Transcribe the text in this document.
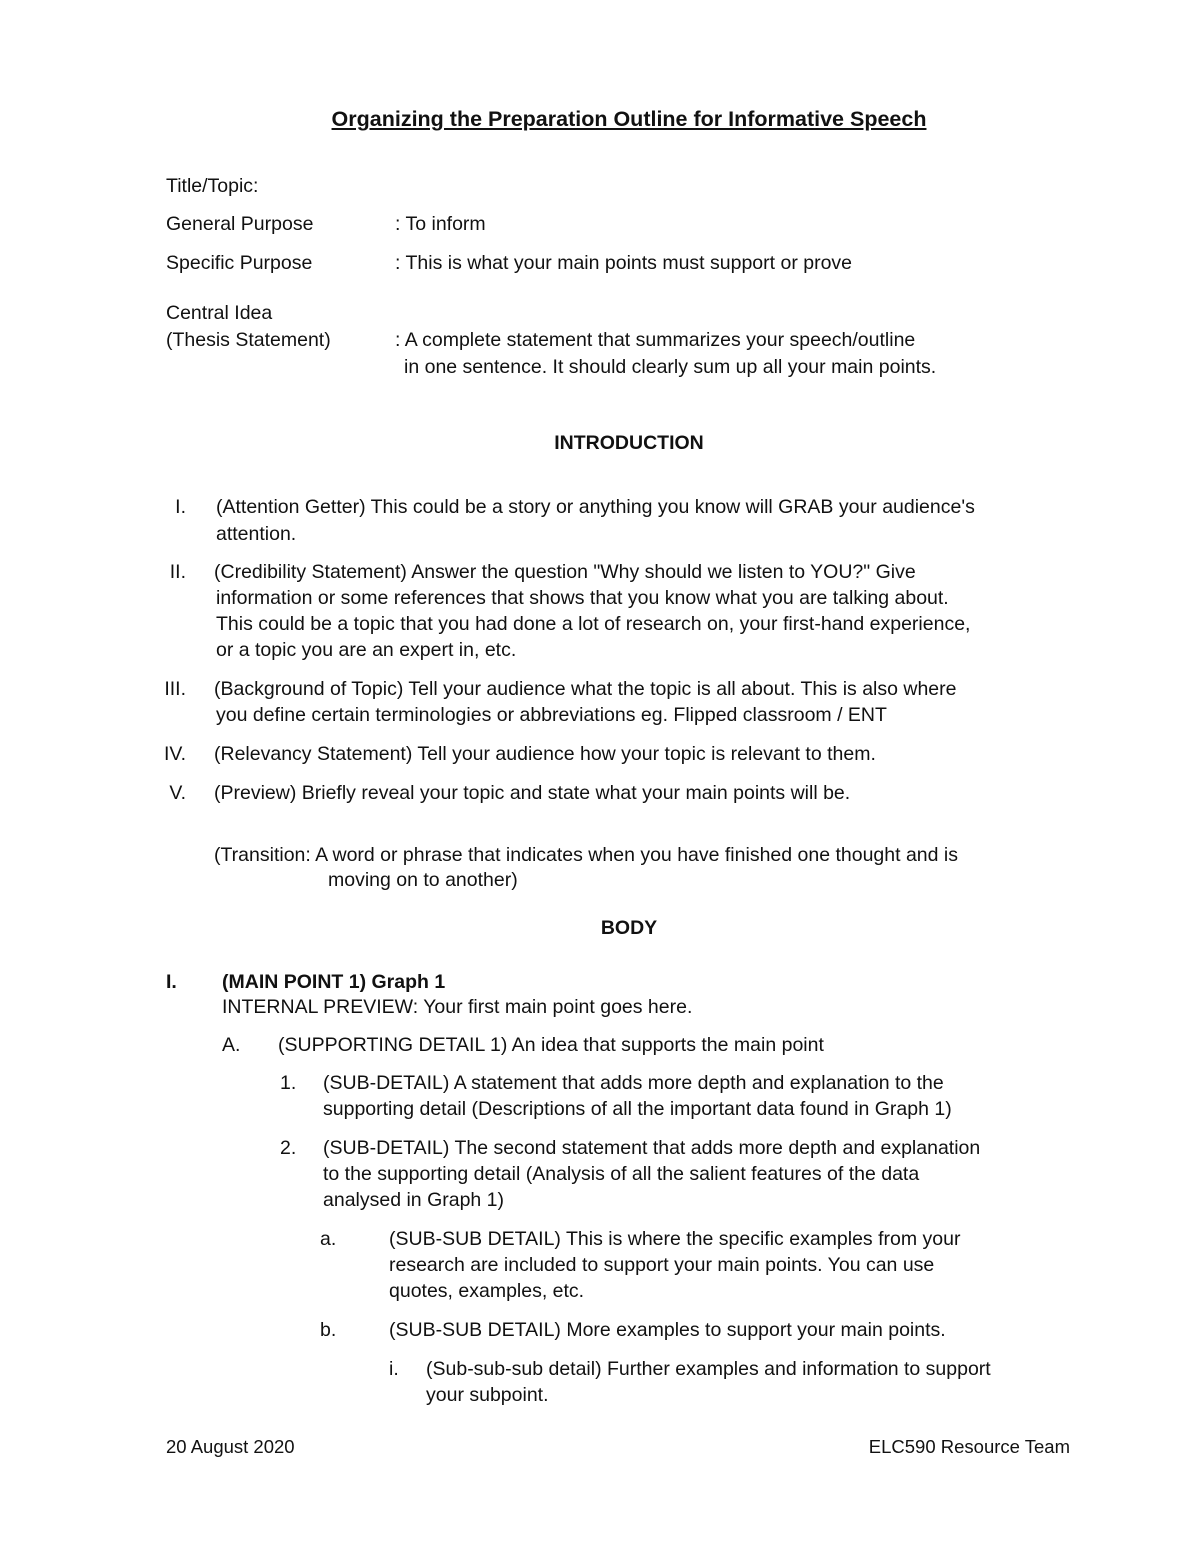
Organizing the Preparation Outline for Informative Speech
Title/Topic:
General Purpose	: To inform
Specific Purpose	: This is what your main points must support or prove
Central Idea
(Thesis Statement)	: A complete statement that summarizes your speech/outline
in one sentence. It should clearly sum up all your main points.
INTRODUCTION
I. (Attention Getter) This could be a story or anything you know will GRAB your audience's
attention.
II. (Credibility Statement) Answer the question "Why should we listen to YOU?" Give
information or some references that shows that you know what you are talking about.
This could be a topic that you had done a lot of research on, your first-hand experience,
or a topic you are an expert in, etc.
III. (Background of Topic) Tell your audience what the topic is all about. This is also where
you define certain terminologies or abbreviations eg. Flipped classroom / ENT
IV. (Relevancy Statement) Tell your audience how your topic is relevant to them.
V. (Preview) Briefly reveal your topic and state what your main points will be.
(Transition: A word or phrase that indicates when you have finished one thought and is
moving on to another)
BODY
I. (MAIN POINT 1) Graph 1
INTERNAL PREVIEW: Your first main point goes here.
A. (SUPPORTING DETAIL 1) An idea that supports the main point
1. (SUB-DETAIL) A statement that adds more depth and explanation to the
supporting detail (Descriptions of all the important data found in Graph 1)
2. (SUB-DETAIL) The second statement that adds more depth and explanation
to the supporting detail (Analysis of all the salient features of the data
analysed in Graph 1)
a.	(SUB-SUB DETAIL) This is where the specific examples from your
research are included to support your main points. You can use
quotes, examples, etc.
b.	(SUB-SUB DETAIL) More examples to support your main points.
i. (Sub-sub-sub detail) Further examples and information to support
your subpoint.
20 August 2020	ELC590 Resource Team
